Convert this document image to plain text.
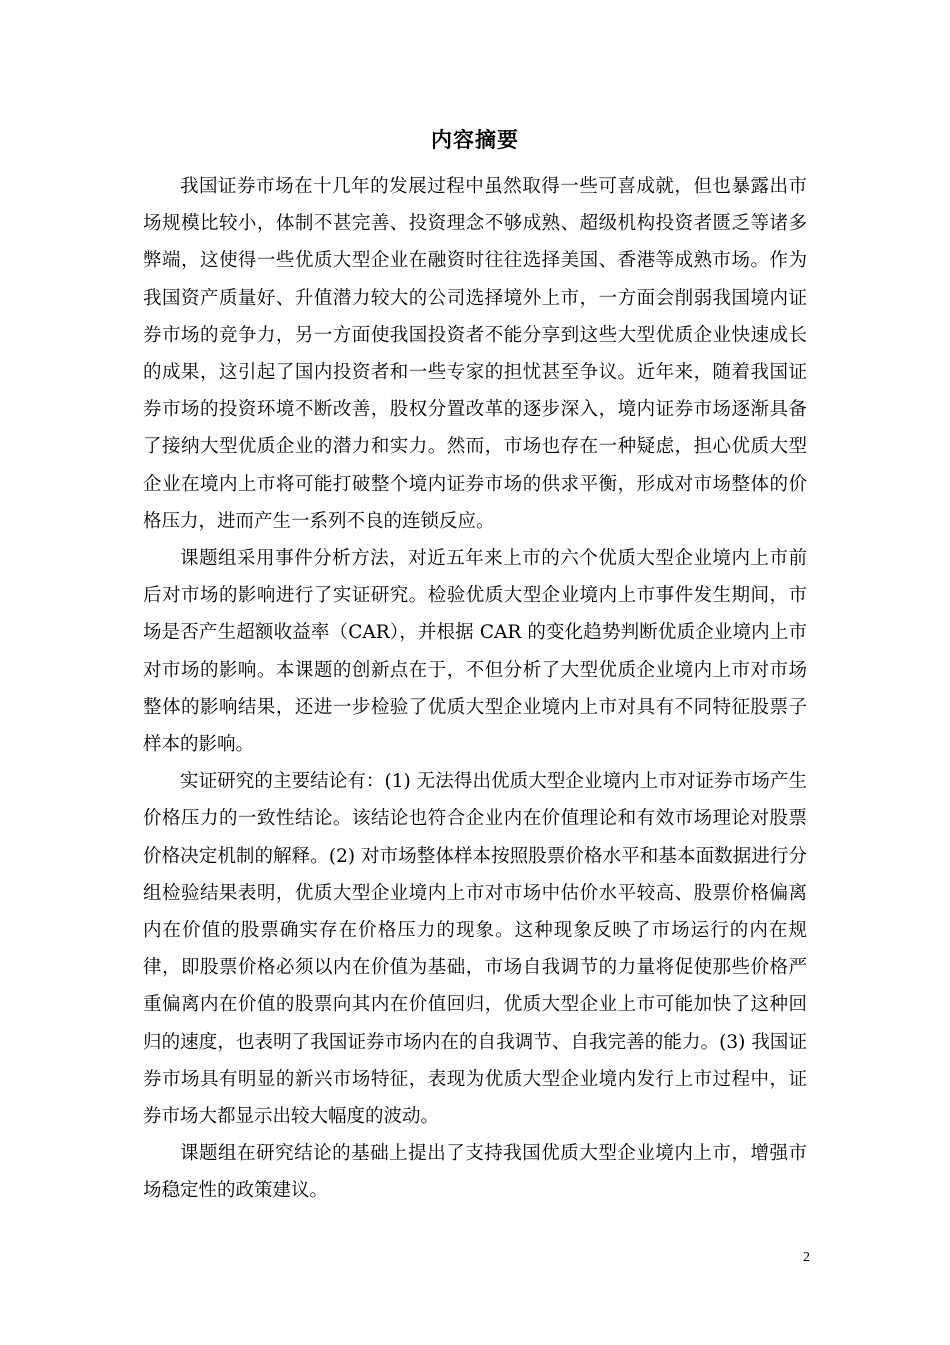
内容摘要

我国证券市场在十几年的发展过程中虽然取得一些可喜成就，但也暴露出市场规模比较小，体制不甚完善、投资理念不够成熟、超级机构投资者匮乏等诸多弊端，这使得一些优质大型企业在融资时往往选择美国、香港等成熟市场。作为我国资产质量好、升值潜力较大的公司选择境外上市，一方面会削弱我国境内证券市场的竞争力，另一方面使我国投资者不能分享到这些大型优质企业快速成长的成果，这引起了国内投资者和一些专家的担忧甚至争议。近年来，随着我国证券市场的投资环境不断改善，股权分置改革的逐步深入，境内证券市场逐渐具备了接纳大型优质企业的潜力和实力。然而，市场也存在一种疑虑，担心优质大型企业在境内上市将可能打破整个境内证券市场的供求平衡，形成对市场整体的价格压力，进而产生一系列不良的连锁反应。

课题组采用事件分析方法，对近五年来上市的六个优质大型企业境内上市前后对市场的影响进行了实证研究。检验优质大型企业境内上市事件发生期间，市场是否产生超额收益率（CAR），并根据 CAR 的变化趋势判断优质企业境内上市对市场的影响。本课题的创新点在于，不但分析了大型优质企业境内上市对市场整体的影响结果，还进一步检验了优质大型企业境内上市对具有不同特征股票子样本的影响。

实证研究的主要结论有：(1) 无法得出优质大型企业境内上市对证券市场产生价格压力的一致性结论。该结论也符合企业内在价值理论和有效市场理论对股票价格决定机制的解释。(2) 对市场整体样本按照股票价格水平和基本面数据进行分组检验结果表明，优质大型企业境内上市对市场中估价水平较高、股票价格偏离内在价值的股票确实存在价格压力的现象。这种现象反映了市场运行的内在规律，即股票价格必须以内在价值为基础，市场自我调节的力量将促使那些价格严重偏离内在价值的股票向其内在价值回归，优质大型企业上市可能加快了这种回归的速度，也表明了我国证券市场内在的自我调节、自我完善的能力。(3) 我国证券市场具有明显的新兴市场特征，表现为优质大型企业境内发行上市过程中，证券市场大都显示出较大幅度的波动。

课题组在研究结论的基础上提出了支持我国优质大型企业境内上市，增强市场稳定性的政策建议。

2
